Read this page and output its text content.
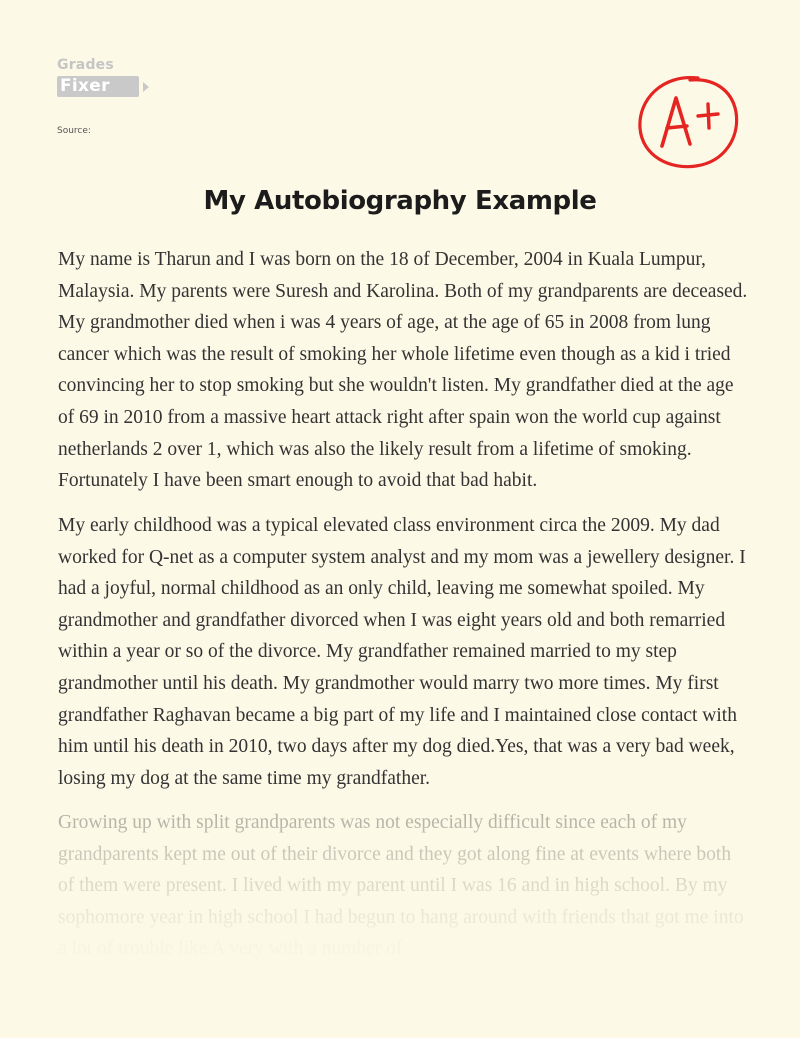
Grades
Fixer
Source:
My Autobiography Example

My name is Tharun and I was born on the 18 of December, 2004 in Kuala Lumpur, Malaysia. My parents were Suresh and Karolina. Both of my grandparents are deceased. My grandmother died when i was 4 years of age, at the age of 65 in 2008 from lung cancer which was the result of smoking her whole lifetime even though as a kid i tried convincing her to stop smoking but she wouldn't listen. My grandfather died at the age of 69 in 2010 from a massive heart attack right after spain won the world cup against netherlands 2 over 1, which was also the likely result from a lifetime of smoking. Fortunately I have been smart enough to avoid that bad habit.

My early childhood was a typical elevated class environment circa the 2009. My dad worked for Q-net as a computer system analyst and my mom was a jewellery designer. I had a joyful, normal childhood as an only child, leaving me somewhat spoiled. My grandmother and grandfather divorced when I was eight years old and both remarried within a year or so of the divorce. My grandfather remained married to my step grandmother until his death. My grandmother would marry two more times. My first grandfather Raghavan became a big part of my life and I maintained close contact with him until his death in 2010, two days after my dog died.Yes, that was a very bad week, losing my dog at the same time my grandfather.
